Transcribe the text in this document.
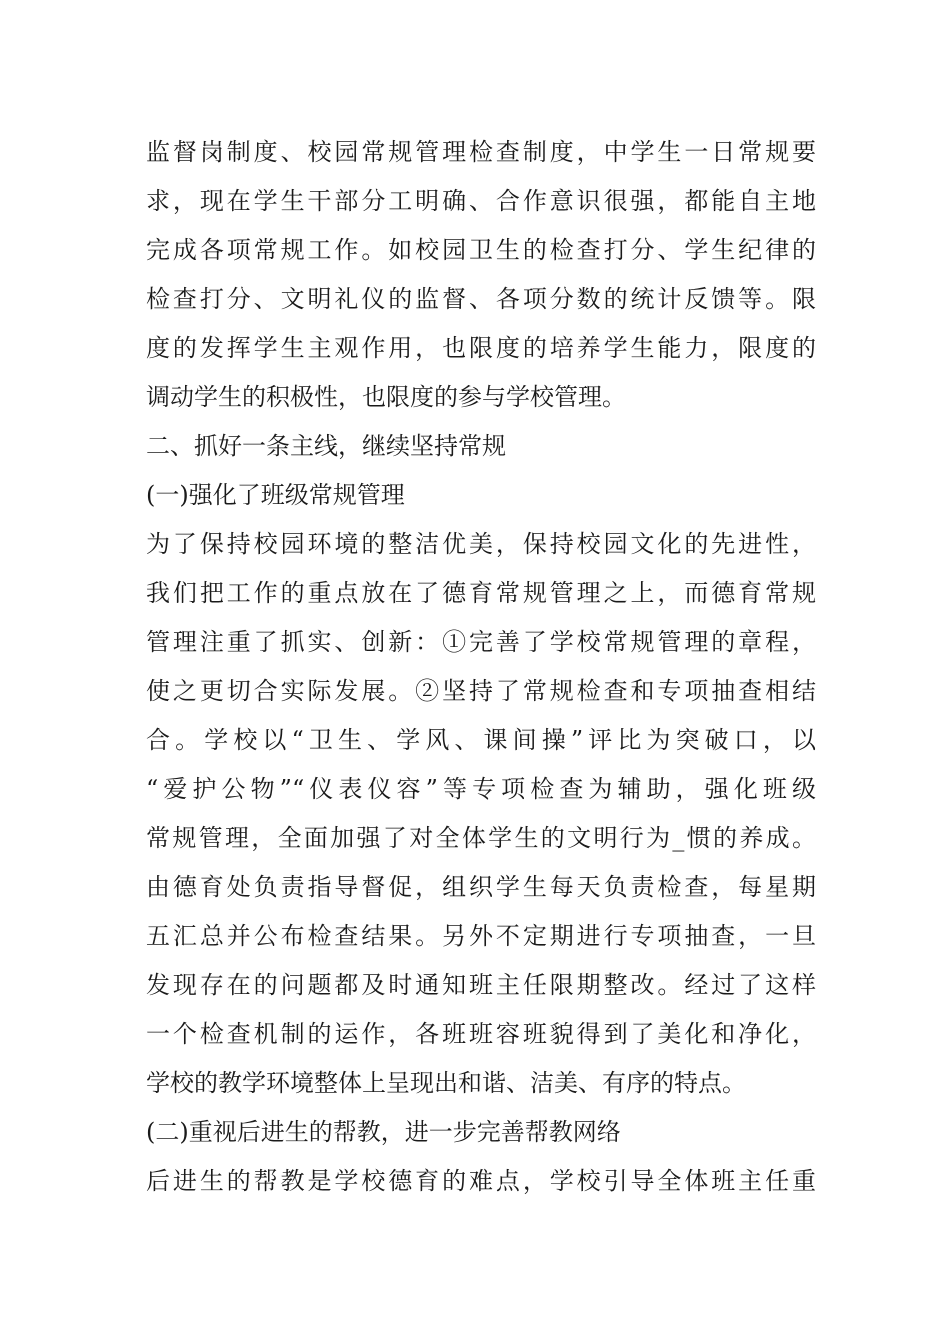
监督岗制度、校园常规管理检查制度，中学生一日常规要
求，现在学生干部分工明确、合作意识很强，都能自主地
完成各项常规工作。如校园卫生的检查打分、学生纪律的
检查打分、文明礼仪的监督、各项分数的统计反馈等。限
度的发挥学生主观作用，也限度的培养学生能力，限度的
调动学生的积极性，也限度的参与学校管理。
二、抓好一条主线，继续坚持常规
(一)强化了班级常规管理
为了保持校园环境的整洁优美，保持校园文化的先进性，
我们把工作的重点放在了德育常规管理之上，而德育常规
管理注重了抓实、创新：①完善了学校常规管理的章程，
使之更切合实际发展。②坚持了常规检查和专项抽查相结
合。学校以“卫生、学风、课间操”评比为突破口，以
“爱护公物”“仪表仪容”等专项检查为辅助，强化班级
常规管理，全面加强了对全体学生的文明行为_惯的养成。
由德育处负责指导督促，组织学生每天负责检查，每星期
五汇总并公布检查结果。另外不定期进行专项抽查，一旦
发现存在的问题都及时通知班主任限期整改。经过了这样
一个检查机制的运作，各班班容班貌得到了美化和净化，
学校的教学环境整体上呈现出和谐、洁美、有序的特点。
(二)重视后进生的帮教，进一步完善帮教网络
后进生的帮教是学校德育的难点，学校引导全体班主任重
